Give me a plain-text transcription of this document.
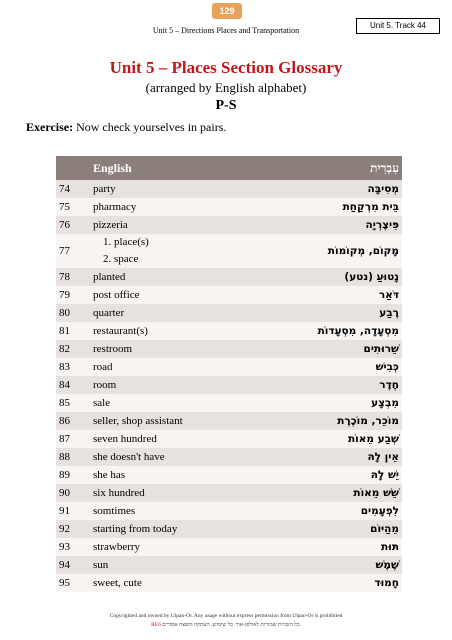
129
Unit 5 – Directions Places and Transportation
Unit 5. Track 44
Unit 5 – Places Section Glossary
(arranged by English alphabet)
P-S
Exercise: Now check yourselves in pairs.
	English	עִבְרִית
74	party	מְסִיבָּה
75	pharmacy	בֵּית מִרְקַחַת
76	pizzeria	פִּיצֶרְיָה
77	1. place(s)
2. space	מָקוֹם, מְקוֹמוֹת
78	planted	נָטוּעַ (נטע)
79	post office	דֹּאַר
80	quarter	רֶבַע
81	restaurant(s)	מִסְעָדָה, מִסְעָדוֹת
82	restroom	שֵׁרוּתִים
83	road	כְּבִישׁ
84	room	חֶדֶר
85	sale	מִבְצָע
86	seller, shop assistant	מוֹכֵר, מוֹכֶרֶת
87	seven hundred	שְׁבַע מֵאוֹת
88	she doesn't have	אֵין לָהּ
89	she has	יֵשׁ לָהּ
90	six hundred	שֵׁשׁ מֵאוֹת
91	somtimes	לִפְעָמִים
92	starting from today	מֵהַיּוֹם
93	strawberry	תּוּת
94	sun	שֶׁמֶשׁ
95	sweet, cute	חָמוּד
Copyrighted and owned by Ulpan-Or. Any usage without express permission from Ulpan-Or is prohibited
RE6 כל הזכויות שמורות לאולפן-אור. כל שימוש, העתקה והפצה אסורים.
